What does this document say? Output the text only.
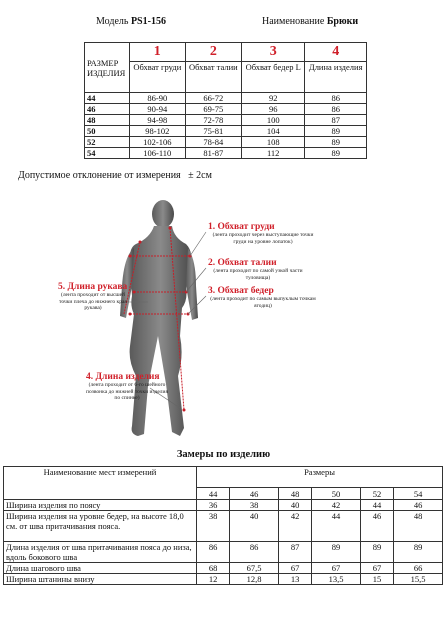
Модель PS1-156	Наименование Брюки
РАЗМЕР ИЗДЕЛИЯ	1	2	3	4
	Обхват груди	Обхват талии	Обхват бедер L	Длина изделия
44	86-90	66-72	92	86
46	90-94	69-75	96	86
48	94-98	72-78	100	87
50	98-102	75-81	104	89
52	102-106	78-84	108	89
54	106-110	81-87	112	89
Допустимое отклонение от измерения ± 2см
1. Обхват груди
(лента проходит через выступающие точки груди на уровне лопаток)
2. Обхват талии
(лента проходит по самой узкой части туловища)
3. Обхват бедер
(лента проходит по самым выпуклым точкам ягодиц)
5. Длина рукава
(лента проходит от высшей точки плеча до нижнего края рукава)
4. Длина изделия
(лента проходит от 6-го шейного позвонка до нижней точки изделия по спинке)
Замеры по изделию
Наименование мест измерений	Размеры					
	44	46	48	50	52	54
Ширина изделия по поясу	36	38	40	42	44	46
Ширина изделия на уровне бедер, на высоте 18,0 см. от шва притачивания пояса.	38	40	42	44	46	48
Длина изделия от шва притачивания пояса до низа, вдоль бокового шва	86	86	87	89	89	89
Длина шагового шва	68	67,5	67	67	67	66
Ширина штанины внизу	12	12,8	13	13,5	15	15,5
